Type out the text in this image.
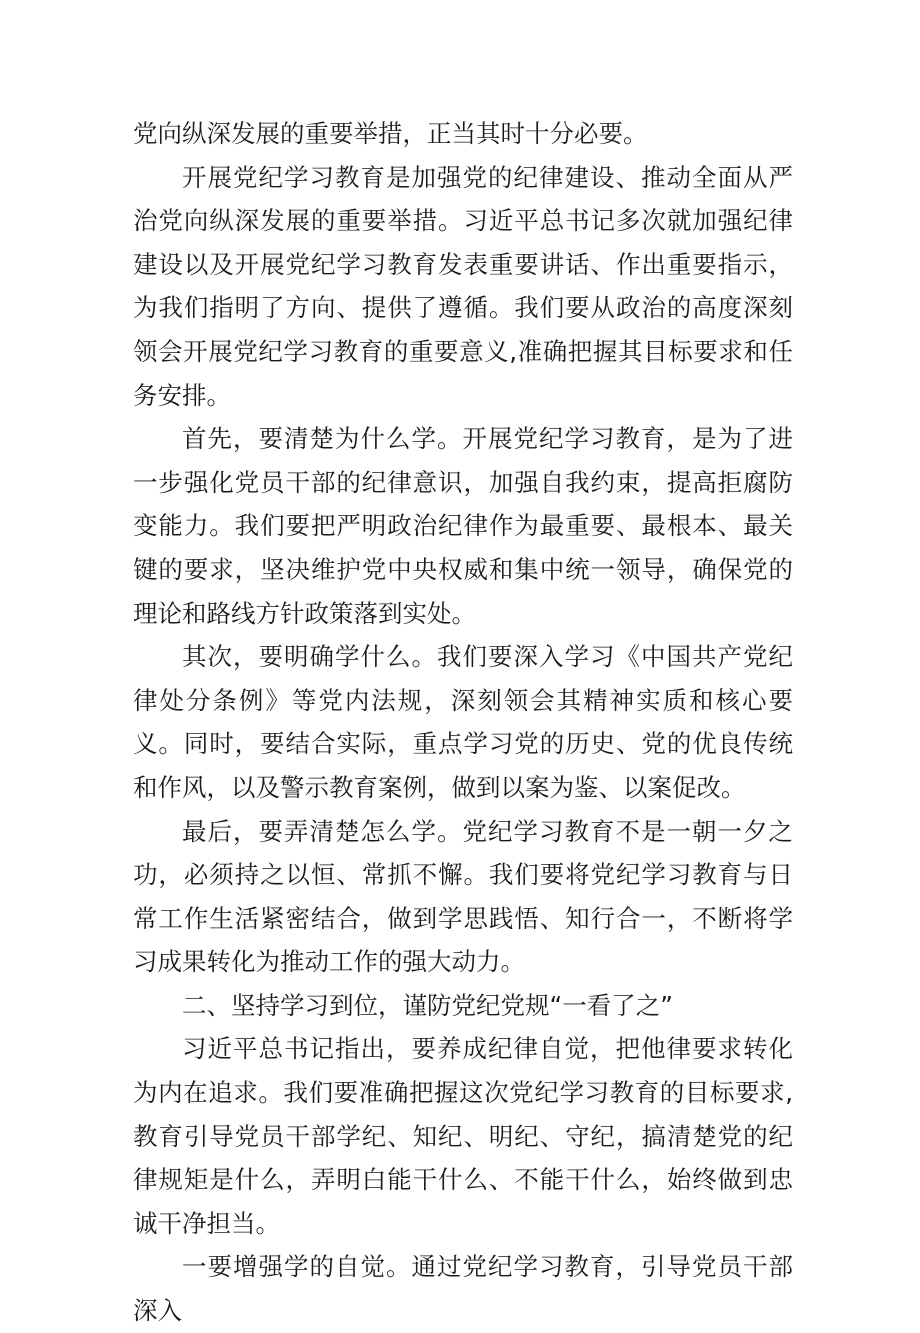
党向纵深发展的重要举措，正当其时十分必要。

开展党纪学习教育是加强党的纪律建设、推动全面从严治党向纵深发展的重要举措。习近平总书记多次就加强纪律建设以及开展党纪学习教育发表重要讲话、作出重要指示，为我们指明了方向、提供了遵循。我们要从政治的高度深刻领会开展党纪学习教育的重要意义,准确把握其目标要求和任务安排。

首先，要清楚为什么学。开展党纪学习教育，是为了进一步强化党员干部的纪律意识，加强自我约束，提高拒腐防变能力。我们要把严明政治纪律作为最重要、最根本、最关键的要求，坚决维护党中央权威和集中统一领导，确保党的理论和路线方针政策落到实处。

其次，要明确学什么。我们要深入学习《中国共产党纪律处分条例》等党内法规，深刻领会其精神实质和核心要义。同时，要结合实际，重点学习党的历史、党的优良传统和作风，以及警示教育案例，做到以案为鉴、以案促改。

最后，要弄清楚怎么学。党纪学习教育不是一朝一夕之功，必须持之以恒、常抓不懈。我们要将党纪学习教育与日常工作生活紧密结合，做到学思践悟、知行合一，不断将学习成果转化为推动工作的强大动力。

二、坚持学习到位，谨防党纪党规“一看了之”

习近平总书记指出，要养成纪律自觉，把他律要求转化为内在追求。我们要准确把握这次党纪学习教育的目标要求,教育引导党员干部学纪、知纪、明纪、守纪，搞清楚党的纪律规矩是什么，弄明白能干什么、不能干什么，始终做到忠诚干净担当。

一要增强学的自觉。通过党纪学习教育，引导党员干部深入
